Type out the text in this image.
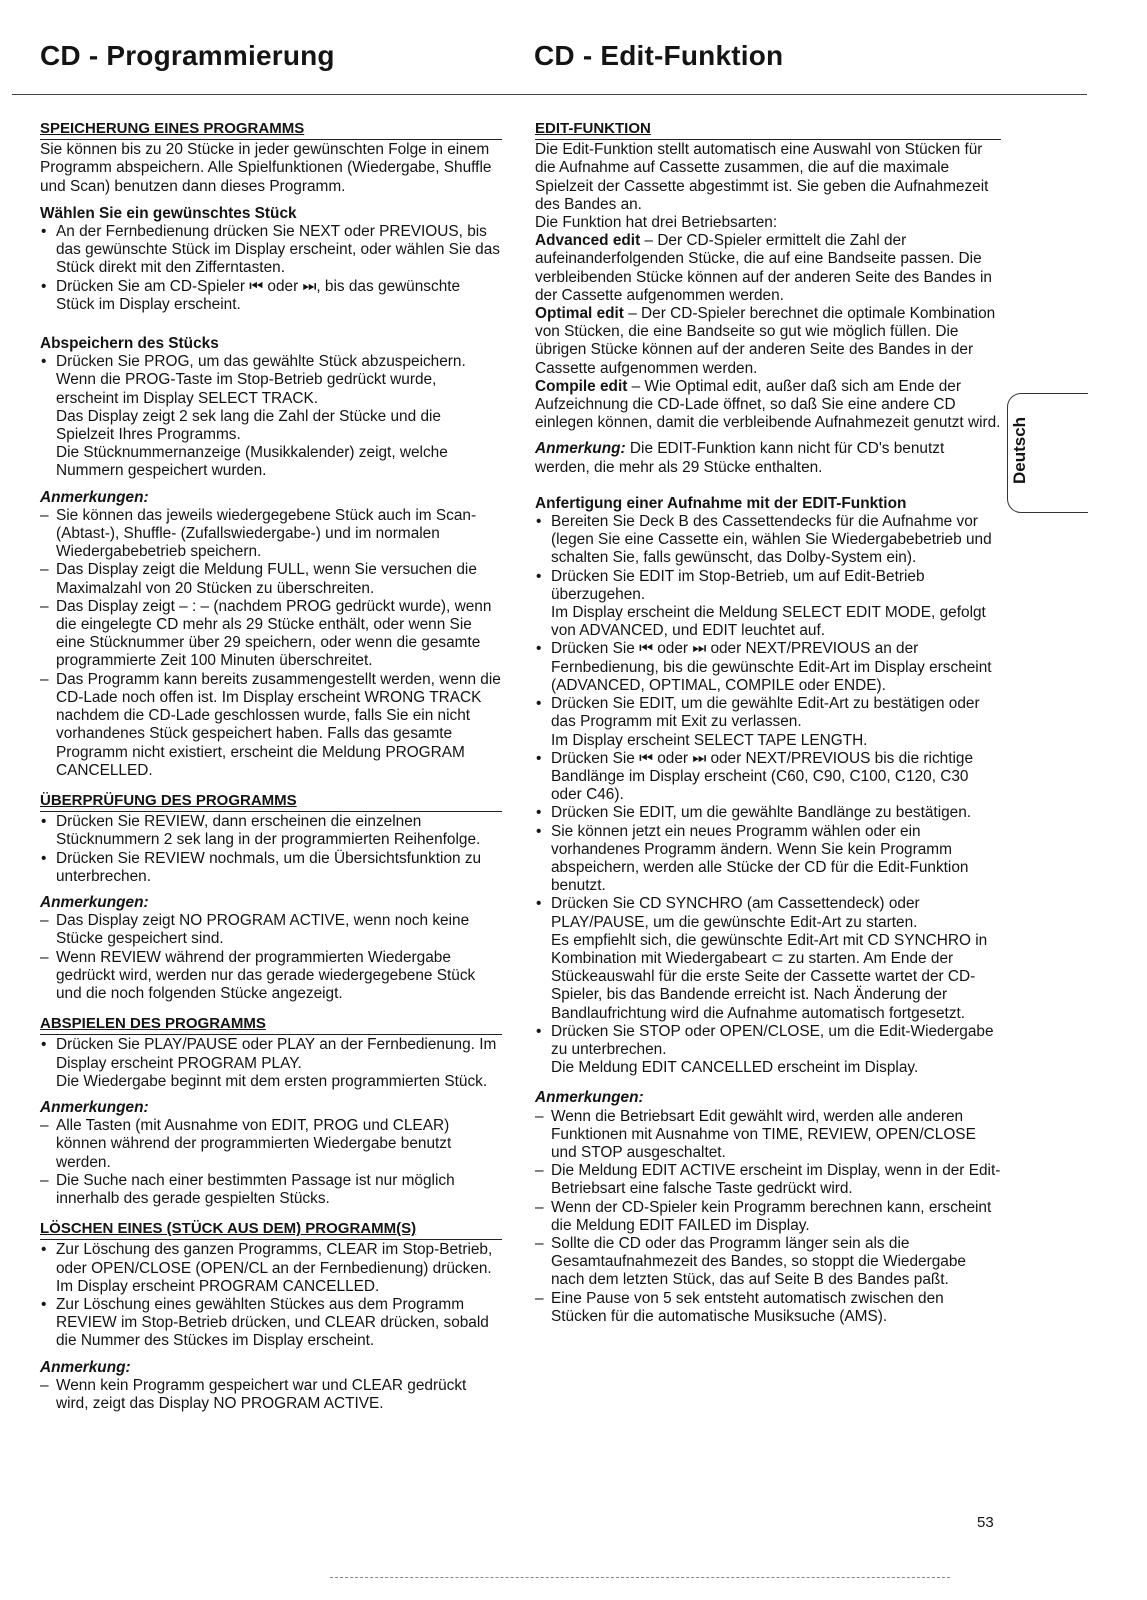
CD - Programmierung	CD - Edit-Funktion
SPEICHERUNG EINES PROGRAMMS

Sie können bis zu 20 Stücke in jeder gewünschten Folge in einem Programm abspeichern. Alle Spielfunktionen (Wiedergabe, Shuffle und Scan) benutzen dann dieses Programm.

Wählen Sie ein gewünschtes Stück

• An der Fernbedienung drücken Sie NEXT oder PREVIOUS, bis das gewünschte Stück im Display erscheint, oder wählen Sie das Stück direkt mit den Zifferntasten.

• Drücken Sie am CD-Spieler ⏮ oder ⏭, bis das gewünschte Stück im Display erscheint.

Abspeichern des Stücks

• Drücken Sie PROG, um das gewählte Stück abzuspeichern. Wenn die PROG-Taste im Stop-Betrieb gedrückt wurde, erscheint im Display SELECT TRACK.

Das Display zeigt 2 sek lang die Zahl der Stücke und die Spielzeit Ihres Programms.

Die Stücknummernanzeige (Musikkalender) zeigt, welche Nummern gespeichert wurden.

Anmerkungen:

– Sie können das jeweils wiedergegebene Stück auch im Scan- (Abtast-), Shuffle- (Zufallswiedergabe-) und im normalen Wiedergabebetrieb speichern.

– Das Display zeigt die Meldung FULL, wenn Sie versuchen die Maximalzahl von 20 Stücken zu überschreiten.

– Das Display zeigt – : – (nachdem PROG gedrückt wurde), wenn die eingelegte CD mehr als 29 Stücke enthält, oder wenn Sie eine Stücknummer über 29 speichern, oder wenn die gesamte programmierte Zeit 100 Minuten überschreitet.

– Das Programm kann bereits zusammengestellt werden, wenn die CD-Lade noch offen ist. Im Display erscheint WRONG TRACK nachdem die CD-Lade geschlossen wurde, falls Sie ein nicht vorhandenes Stück gespeichert haben. Falls das gesamte Programm nicht existiert, erscheint die Meldung PROGRAM CANCELLED.

ÜBERPRÜFUNG DES PROGRAMMS

• Drücken Sie REVIEW, dann erscheinen die einzelnen Stücknummern 2 sek lang in der programmierten Reihenfolge.

• Drücken Sie REVIEW nochmals, um die Übersichtsfunktion zu unterbrechen.

Anmerkungen:

– Das Display zeigt NO PROGRAM ACTIVE, wenn noch keine Stücke gespeichert sind.

– Wenn REVIEW während der programmierten Wiedergabe gedrückt wird, werden nur das gerade wiedergegebene Stück und die noch folgenden Stücke angezeigt.

ABSPIELEN DES PROGRAMMS

• Drücken Sie PLAY/PAUSE oder PLAY an der Fernbedienung. Im Display erscheint PROGRAM PLAY.

Die Wiedergabe beginnt mit dem ersten programmierten Stück.

Anmerkungen:

– Alle Tasten (mit Ausnahme von EDIT, PROG und CLEAR) können während der programmierten Wiedergabe benutzt werden.

– Die Suche nach einer bestimmten Passage ist nur möglich innerhalb des gerade gespielten Stücks.

LÖSCHEN EINES (STÜCK AUS DEM) PROGRAMM(S)

• Zur Löschung des ganzen Programms, CLEAR im Stop-Betrieb, oder OPEN/CLOSE (OPEN/CL an der Fernbedienung) drücken.

Im Display erscheint PROGRAM CANCELLED.

• Zur Löschung eines gewählten Stückes aus dem Programm REVIEW im Stop-Betrieb drücken, und CLEAR drücken, sobald die Nummer des Stückes im Display erscheint.

Anmerkung:

– Wenn kein Programm gespeichert war und CLEAR gedrückt wird, zeigt das Display NO PROGRAM ACTIVE.

EDIT-FUNKTION

Die Edit-Funktion stellt automatisch eine Auswahl von Stücken für die Aufnahme auf Cassette zusammen, die auf die maximale Spielzeit der Cassette abgestimmt ist. Sie geben die Aufnahmezeit des Bandes an.

Die Funktion hat drei Betriebsarten:

Advanced edit – Der CD-Spieler ermittelt die Zahl der aufeinanderfolgenden Stücke, die auf eine Bandseite passen. Die verbleibenden Stücke können auf der anderen Seite des Bandes in der Cassette aufgenommen werden.

Optimal edit – Der CD-Spieler berechnet die optimale Kombination von Stücken, die eine Bandseite so gut wie möglich füllen. Die übrigen Stücke können auf der anderen Seite des Bandes in der Cassette aufgenommen werden.

Compile edit – Wie Optimal edit, außer daß sich am Ende der Aufzeichnung die CD-Lade öffnet, so daß Sie eine andere CD einlegen können, damit die verbleibende Aufnahmezeit genutzt wird.

Anmerkung: Die EDIT-Funktion kann nicht für CD's benutzt werden, die mehr als 29 Stücke enthalten.

Anfertigung einer Aufnahme mit der EDIT-Funktion

• Bereiten Sie Deck B des Cassettendecks für die Aufnahme vor (legen Sie eine Cassette ein, wählen Sie Wiedergabebetrieb und schalten Sie, falls gewünscht, das Dolby-System ein).

• Drücken Sie EDIT im Stop-Betrieb, um auf Edit-Betrieb überzugehen.

Im Display erscheint die Meldung SELECT EDIT MODE, gefolgt von ADVANCED, und EDIT leuchtet auf.

• Drücken Sie ⏮ oder ⏭ oder NEXT/PREVIOUS an der Fernbedienung, bis die gewünschte Edit-Art im Display erscheint (ADVANCED, OPTIMAL, COMPILE oder ENDE).

• Drücken Sie EDIT, um die gewählte Edit-Art zu bestätigen oder das Programm mit Exit zu verlassen.

Im Display erscheint SELECT TAPE LENGTH.

• Drücken Sie ⏮ oder ⏭ oder NEXT/PREVIOUS bis die richtige Bandlänge im Display erscheint (C60, C90, C100, C120, C30 oder C46).

• Drücken Sie EDIT, um die gewählte Bandlänge zu bestätigen.

• Sie können jetzt ein neues Programm wählen oder ein vorhandenes Programm ändern. Wenn Sie kein Programm abspeichern, werden alle Stücke der CD für die Edit-Funktion benutzt.

• Drücken Sie CD SYNCHRO (am Cassettendeck) oder PLAY/PAUSE, um die gewünschte Edit-Art zu starten.

Es empfiehlt sich, die gewünschte Edit-Art mit CD SYNCHRO in Kombination mit Wiedergabeart ⊂ zu starten. Am Ende der Stückeauswahl für die erste Seite der Cassette wartet der CD-Spieler, bis das Bandende erreicht ist. Nach Änderung der Bandlaufrichtung wird die Aufnahme automatisch fortgesetzt.

• Drücken Sie STOP oder OPEN/CLOSE, um die Edit-Wiedergabe zu unterbrechen.

Die Meldung EDIT CANCELLED erscheint im Display.

Anmerkungen:

– Wenn die Betriebsart Edit gewählt wird, werden alle anderen Funktionen mit Ausnahme von TIME, REVIEW, OPEN/CLOSE und STOP ausgeschaltet.

– Die Meldung EDIT ACTIVE erscheint im Display, wenn in der Edit-Betriebsart eine falsche Taste gedrückt wird.

– Wenn der CD-Spieler kein Programm berechnen kann, erscheint die Meldung EDIT FAILED im Display.

– Sollte die CD oder das Programm länger sein als die Gesamtaufnahmezeit des Bandes, so stoppt die Wiedergabe nach dem letzten Stück, das auf Seite B des Bandes paßt.

– Eine Pause von 5 sek entsteht automatisch zwischen den Stücken für die automatische Musiksuche (AMS).

Deutsch
53
